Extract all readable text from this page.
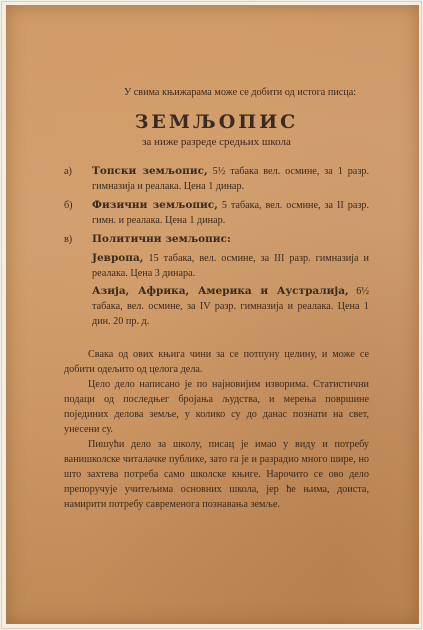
У свима књижарама може се добити од истога писца:

ЗЕМЉОПИС

за ниже разреде средњих школа

а) Топски земљопис, 5½ табака вел. осмине, за 1 разр. гимназија и реалака. Цена 1 динар.

б) Физични земљопис, 5 табака, вел. осмине, за II разр. гимн. и реалака. Цена 1 динар.

в) Политични земљопис:

Јевропа, 15 табака, вел. осмине, за III разр. гимназија и реалака. Цена 3 динара.

Азија, Африка, Америка и Аустралија, 6½ табака, вел. осмине, за IV разр. гимназија и реалака. Цена 1 дин. 20 пр. д.

Свака од ових књига чини за се потпуну целину, и може се добити одељито од целога дела.

Цело дело написано је по најновијим изворима. Статистични подаци од последњег бројања људства, и мерења површине појединих делова земље, у колико су до данас познати на свет, унесени су.

Пишући дело за школу, писац је имао у виду и потребу ванишколске читалачке публике, зато га је и разрадио много шире, но што захтева потреба само школске књиге. Нарочито се ово дело препоручује учитељима основних школа, јер ће њима, доиста, намирити потребу савременога познавања земље.
